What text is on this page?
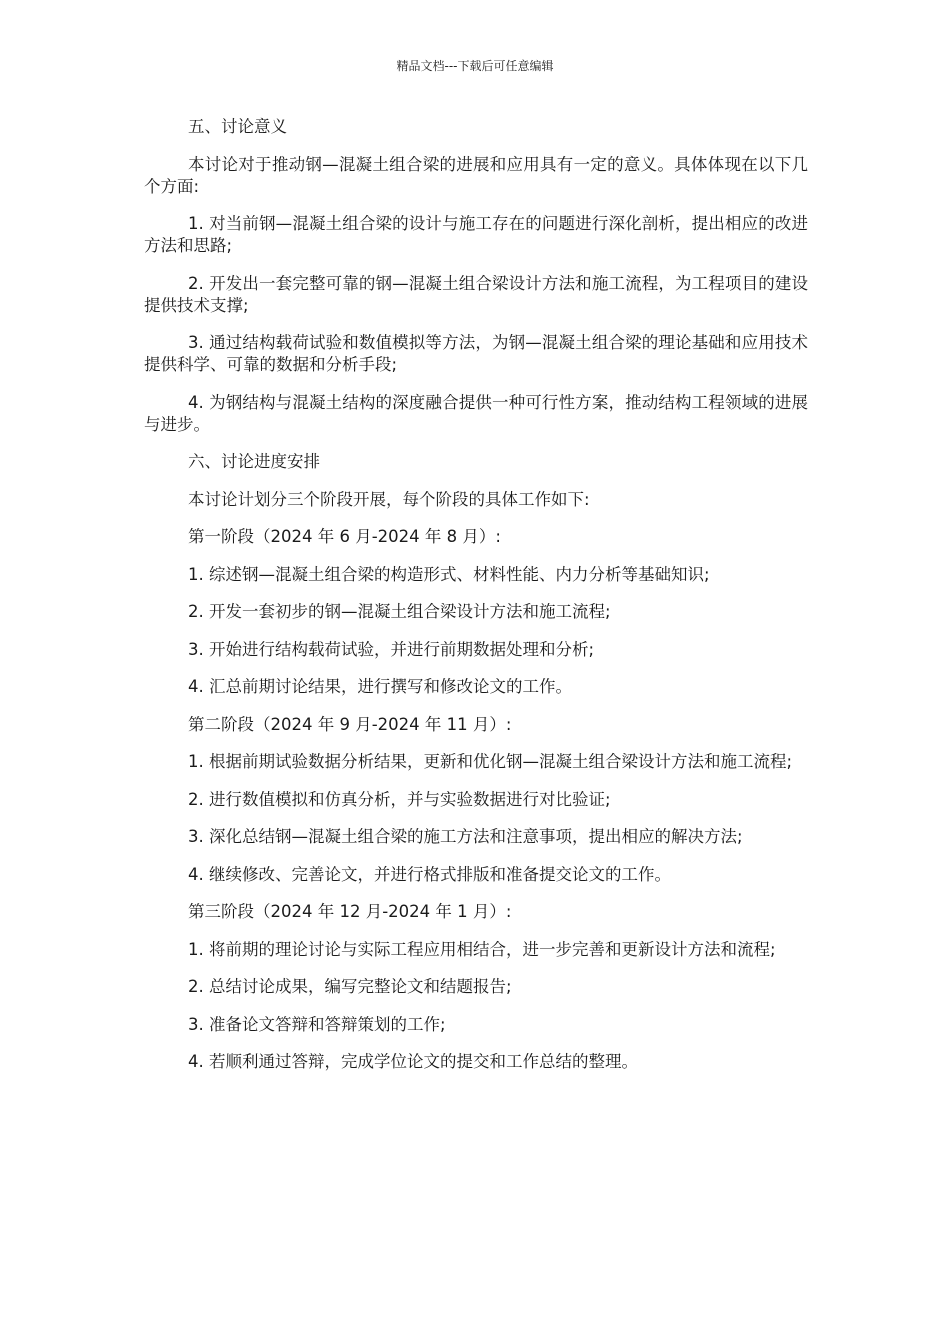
精品文档---下载后可任意编辑

五、讨论意义

本讨论对于推动钢—混凝土组合梁的进展和应用具有一定的意义。具体体现在以下几个方面:

1. 对当前钢—混凝土组合梁的设计与施工存在的问题进行深化剖析，提出相应的改进方法和思路;

2. 开发出一套完整可靠的钢—混凝土组合梁设计方法和施工流程，为工程项目的建设提供技术支撑;

3. 通过结构载荷试验和数值模拟等方法，为钢—混凝土组合梁的理论基础和应用技术提供科学、可靠的数据和分析手段;

4. 为钢结构与混凝土结构的深度融合提供一种可行性方案，推动结构工程领域的进展与进步。

六、讨论进度安排

本讨论计划分三个阶段开展，每个阶段的具体工作如下:

第一阶段（2024 年 6 月-2024 年 8 月）:

1. 综述钢—混凝土组合梁的构造形式、材料性能、内力分析等基础知识;

2. 开发一套初步的钢—混凝土组合梁设计方法和施工流程;

3. 开始进行结构载荷试验，并进行前期数据处理和分析;

4. 汇总前期讨论结果，进行撰写和修改论文的工作。

第二阶段（2024 年 9 月-2024 年 11 月）:

1. 根据前期试验数据分析结果，更新和优化钢—混凝土组合梁设计方法和施工流程;

2. 进行数值模拟和仿真分析，并与实验数据进行对比验证;

3. 深化总结钢—混凝土组合梁的施工方法和注意事项，提出相应的解决方法;

4. 继续修改、完善论文，并进行格式排版和准备提交论文的工作。

第三阶段（2024 年 12 月-2024 年 1 月）:

1. 将前期的理论讨论与实际工程应用相结合，进一步完善和更新设计方法和流程;

2. 总结讨论成果，编写完整论文和结题报告;

3. 准备论文答辩和答辩策划的工作;

4. 若顺利通过答辩，完成学位论文的提交和工作总结的整理。
